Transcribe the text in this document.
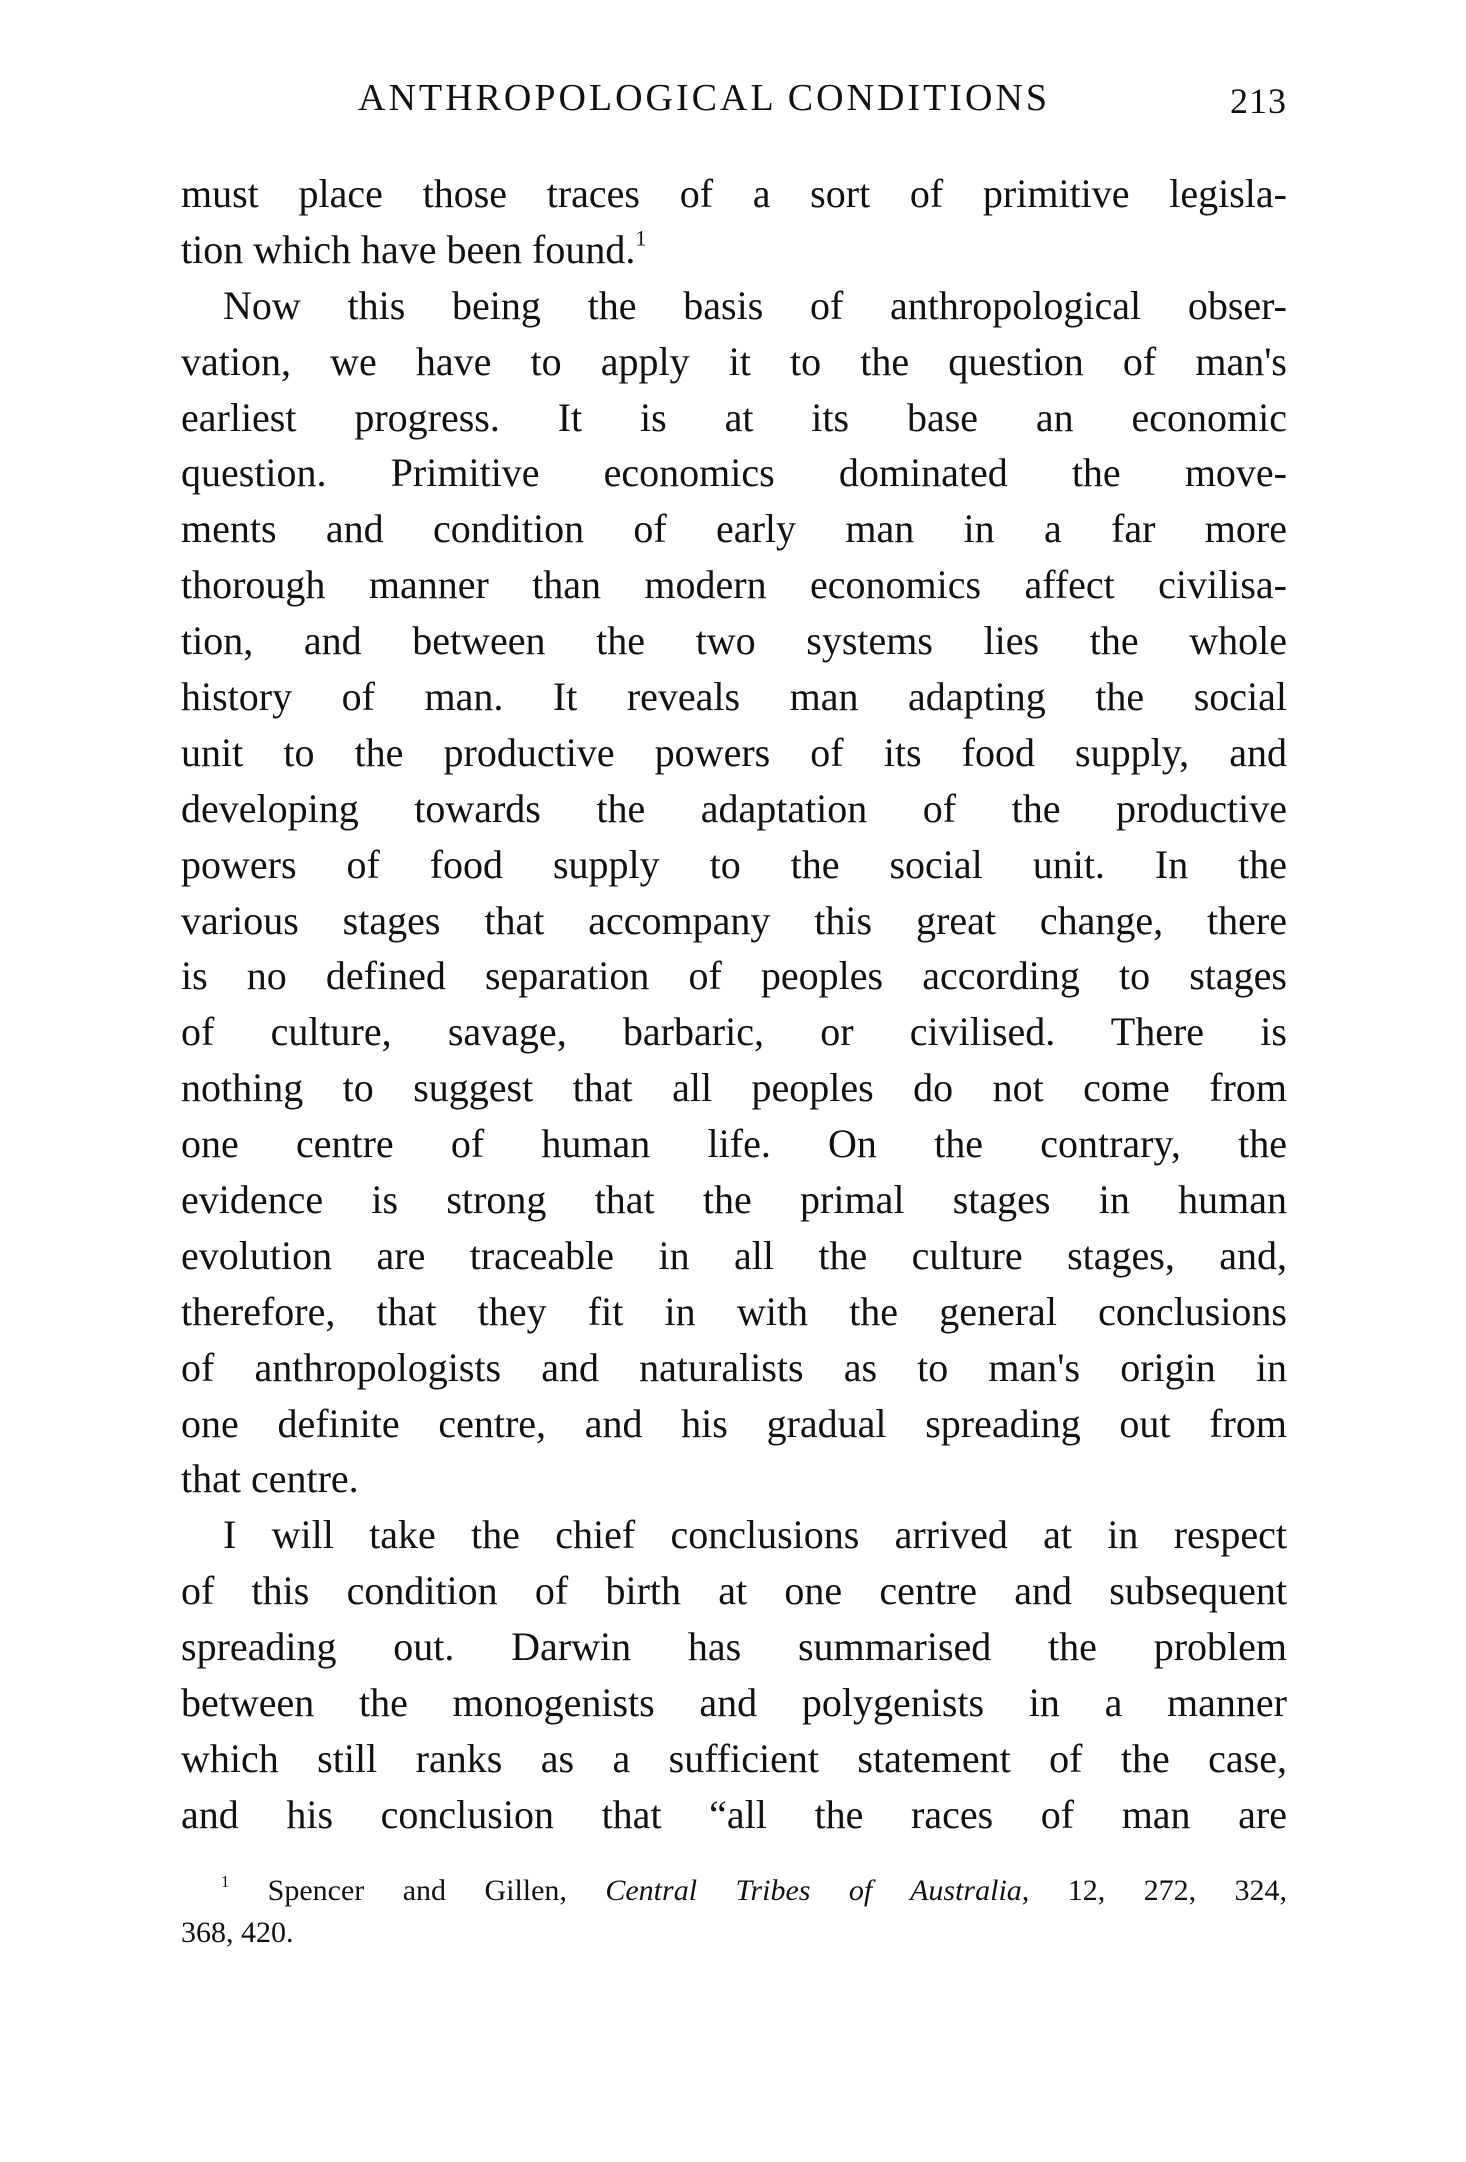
ANTHROPOLOGICAL CONDITIONS	213
must place those traces of a sort of primitive legisla-
tion which have been found.$^1$
Now this being the basis of anthropological obser-
vation, we have to apply it to the question of man's
earliest progress. It is at its base an economic
question. Primitive economics dominated the move-
ments and condition of early man in a far more
thorough manner than modern economics affect civilisa-
tion, and between the two systems lies the whole
history of man. It reveals man adapting the social
unit to the productive powers of its food supply, and
developing towards the adaptation of the productive
powers of food supply to the social unit. In the
various stages that accompany this great change, there
is no defined separation of peoples according to stages
of culture, savage, barbaric, or civilised. There is
nothing to suggest that all peoples do not come from
one centre of human life. On the contrary, the
evidence is strong that the primal stages in human
evolution are traceable in all the culture stages, and,
therefore, that they fit in with the general conclusions
of anthropologists and naturalists as to man's origin in
one definite centre, and his gradual spreading out from
that centre.
I will take the chief conclusions arrived at in respect
of this condition of birth at one centre and subsequent
spreading out. Darwin has summarised the problem
between the monogenists and polygenists in a manner
which still ranks as a sufficient statement of the case,
and his conclusion that “all the races of man are
$^1$ Spencer and Gillen, Central Tribes of Australia, 12, 272, 324,
368, 420.
